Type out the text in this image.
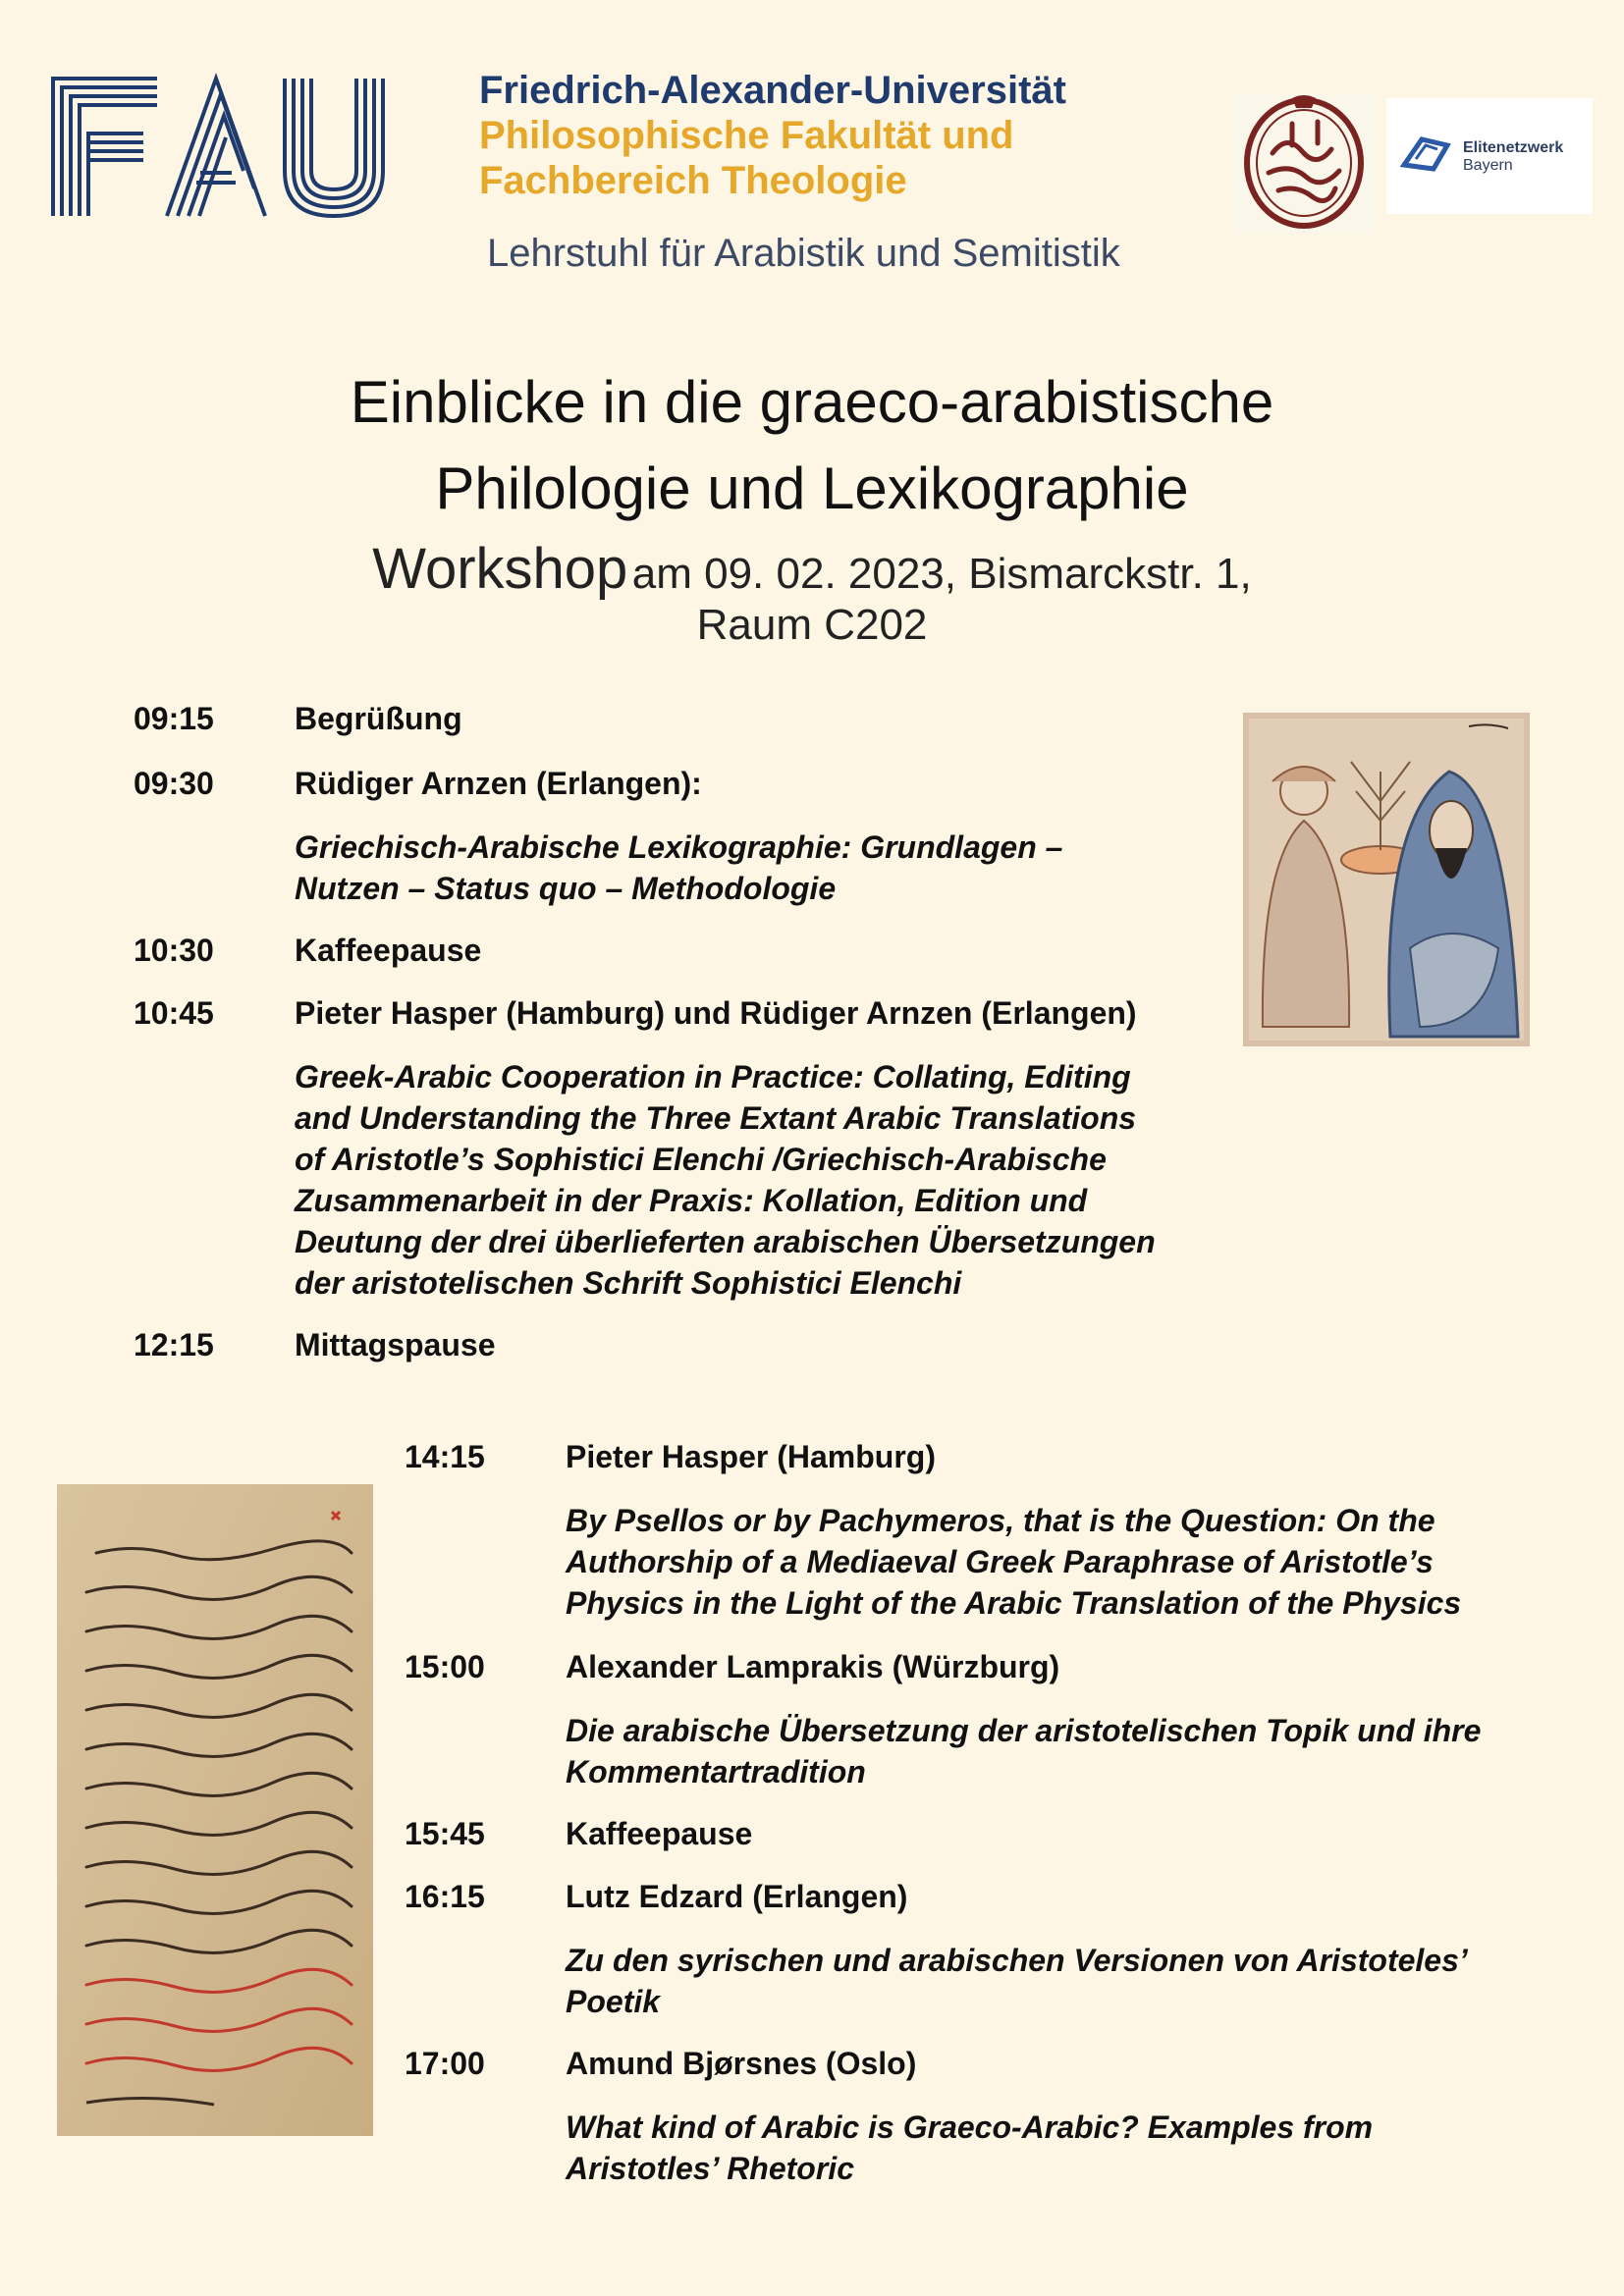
FAU	Friedrich-Alexander-Universität
Philosophische Fakultät und
Fachbereich Theologie
Lehrstuhl für Arabistik und Semitistik
Elitenetzwerk
Bayern
Einblicke in die graeco-arabistische
Philologie und Lexikographie
Workshop am 09. 02. 2023, Bismarckstr. 1,
Raum C202
09:15	Begrüßung
09:30	Rüdiger Arnzen (Erlangen):
Griechisch-Arabische Lexikographie: Grundlagen –
Nutzen – Status quo – Methodologie
10:30	Kaffeepause
10:45	Pieter Hasper (Hamburg) und Rüdiger Arnzen (Erlangen)
Greek-Arabic Cooperation in Practice: Collating, Editing
and Understanding the Three Extant Arabic Translations
of Aristotle’s Sophistici Elenchi /Griechisch-Arabische
Zusammenarbeit in der Praxis: Kollation, Edition und
Deutung der drei überlieferten arabischen Übersetzungen
der aristotelischen Schrift Sophistici Elenchi
12:15	Mittagspause
14:15	Pieter Hasper (Hamburg)
By Psellos or by Pachymeros, that is the Question: On the
Authorship of a Mediaeval Greek Paraphrase of Aristotle’s
Physics in the Light of the Arabic Translation of the Physics
15:00	Alexander Lamprakis (Würzburg)
Die arabische Übersetzung der aristotelischen Topik und ihre
Kommentartradition
15:45	Kaffeepause
16:15	Lutz Edzard (Erlangen)
Zu den syrischen und arabischen Versionen von Aristoteles’
Poetik
17:00	Amund Bjørsnes (Oslo)
What kind of Arabic is Graeco-Arabic? Examples from
Aristotles’ Rhetoric
